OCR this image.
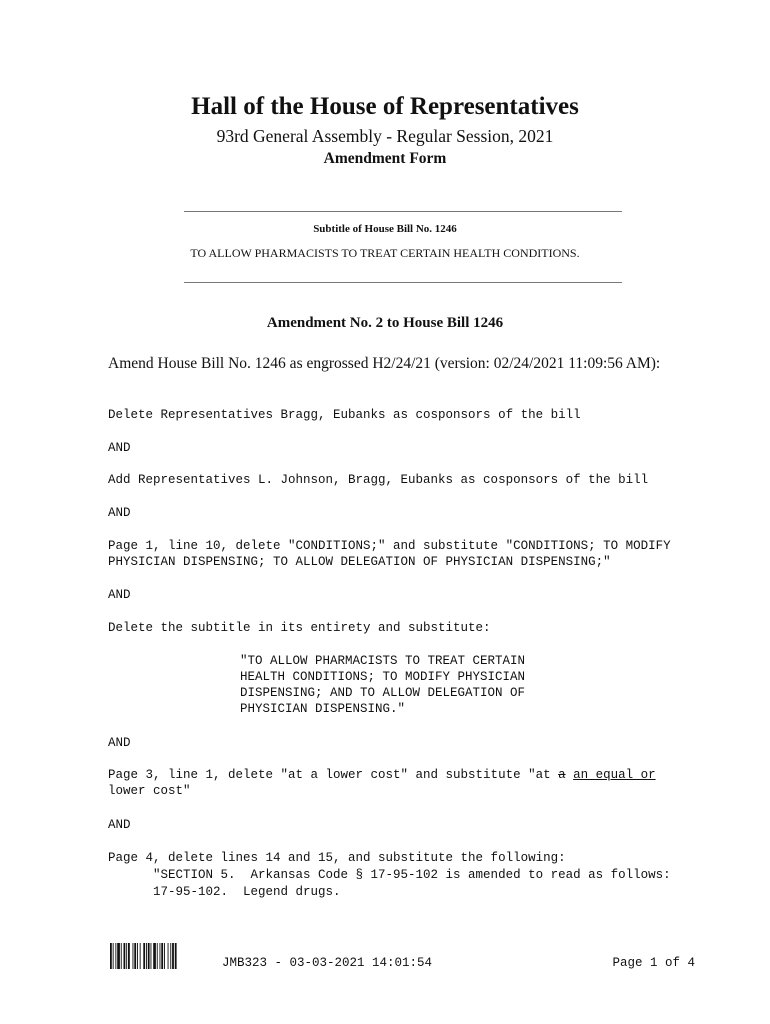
Hall of the House of Representatives
93rd General Assembly - Regular Session, 2021
Amendment Form
Subtitle of House Bill No. 1246
TO ALLOW PHARMACISTS TO TREAT CERTAIN HEALTH CONDITIONS.
Amendment No. 2 to House Bill 1246
Amend House Bill No. 1246 as engrossed H2/24/21 (version: 02/24/2021 11:09:56 AM):
Delete Representatives Bragg, Eubanks as cosponsors of the bill
AND
Add Representatives L. Johnson, Bragg, Eubanks as cosponsors of the bill
AND
Page 1, line 10, delete "CONDITIONS;" and substitute "CONDITIONS; TO MODIFY
PHYSICIAN DISPENSING; TO ALLOW DELEGATION OF PHYSICIAN DISPENSING;"
AND
Delete the subtitle in its entirety and substitute:
"TO ALLOW PHARMACISTS TO TREAT CERTAIN
HEALTH CONDITIONS; TO MODIFY PHYSICIAN
DISPENSING; AND TO ALLOW DELEGATION OF
PHYSICIAN DISPENSING."
AND
Page 3, line 1, delete "at a lower cost" and substitute "at a an equal or
lower cost"
AND
Page 4, delete lines 14 and 15, and substitute the following:
"SECTION 5.  Arkansas Code § 17-95-102 is amended to read as follows:
17-95-102.  Legend drugs.
JMB323 - 03-03-2021 14:01:54	Page 1 of 4
